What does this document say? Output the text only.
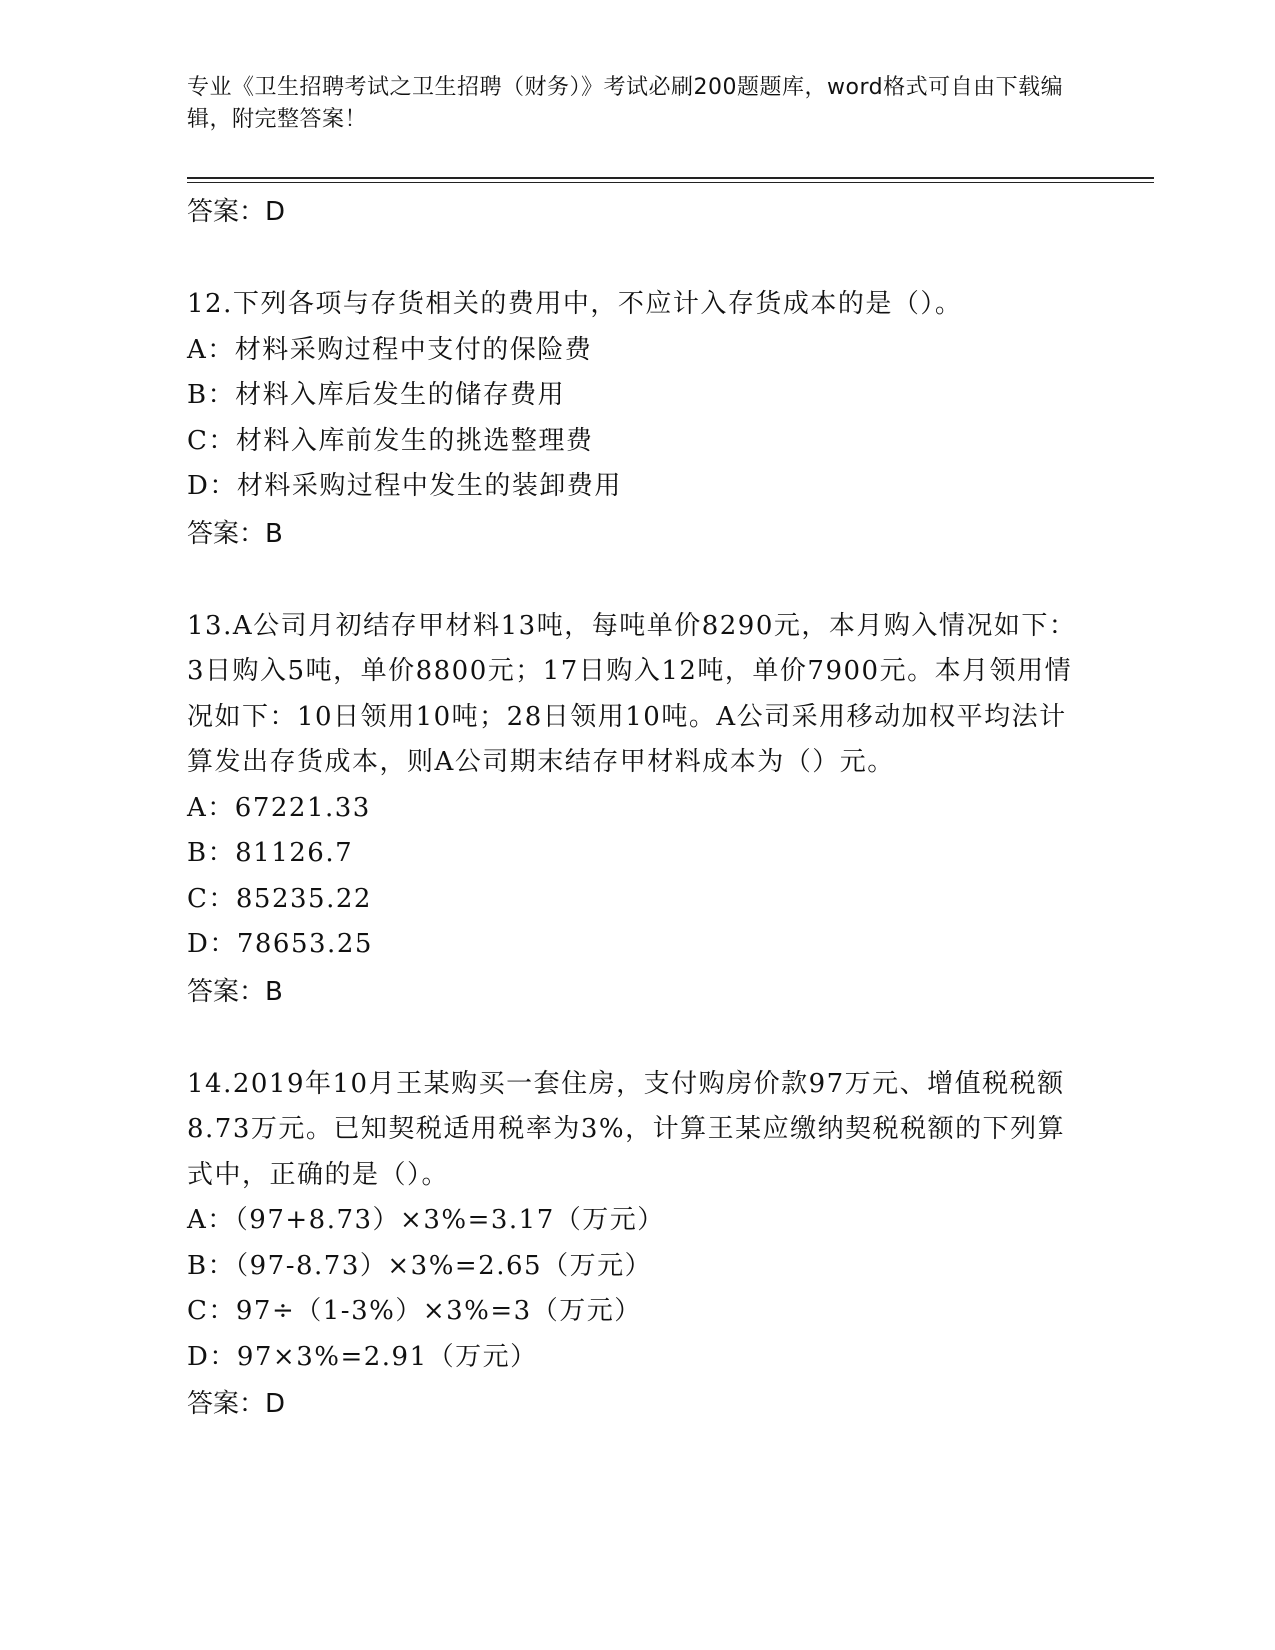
专业《卫生招聘考试之卫生招聘（财务）》考试必刷200题题库，word格式可自由下载编辑，附完整答案！
答案：D
12.下列各项与存货相关的费用中，不应计入存货成本的是（）。
A：材料采购过程中支付的保险费
B：材料入库后发生的储存费用
C：材料入库前发生的挑选整理费
D：材料采购过程中发生的装卸费用
答案：B
13.A公司月初结存甲材料13吨，每吨单价8290元，本月购入情况如下：3日购入5吨，单价8800元；17日购入12吨，单价7900元。本月领用情况如下：10日领用10吨；28日领用10吨。A公司采用移动加权平均法计算发出存货成本，则A公司期末结存甲材料成本为（）元。
A：67221.33
B：81126.7
C：85235.22
D：78653.25
答案：B
14.2019年10月王某购买一套住房，支付购房价款97万元、增值税税额8.73万元。已知契税适用税率为3%，计算王某应缴纳契税税额的下列算式中，正确的是（）。
A：（97+8.73）×3%=3.17（万元）
B：（97-8.73）×3%=2.65（万元）
C：97÷（1-3%）×3%=3（万元）
D：97×3%=2.91（万元）
答案：D
